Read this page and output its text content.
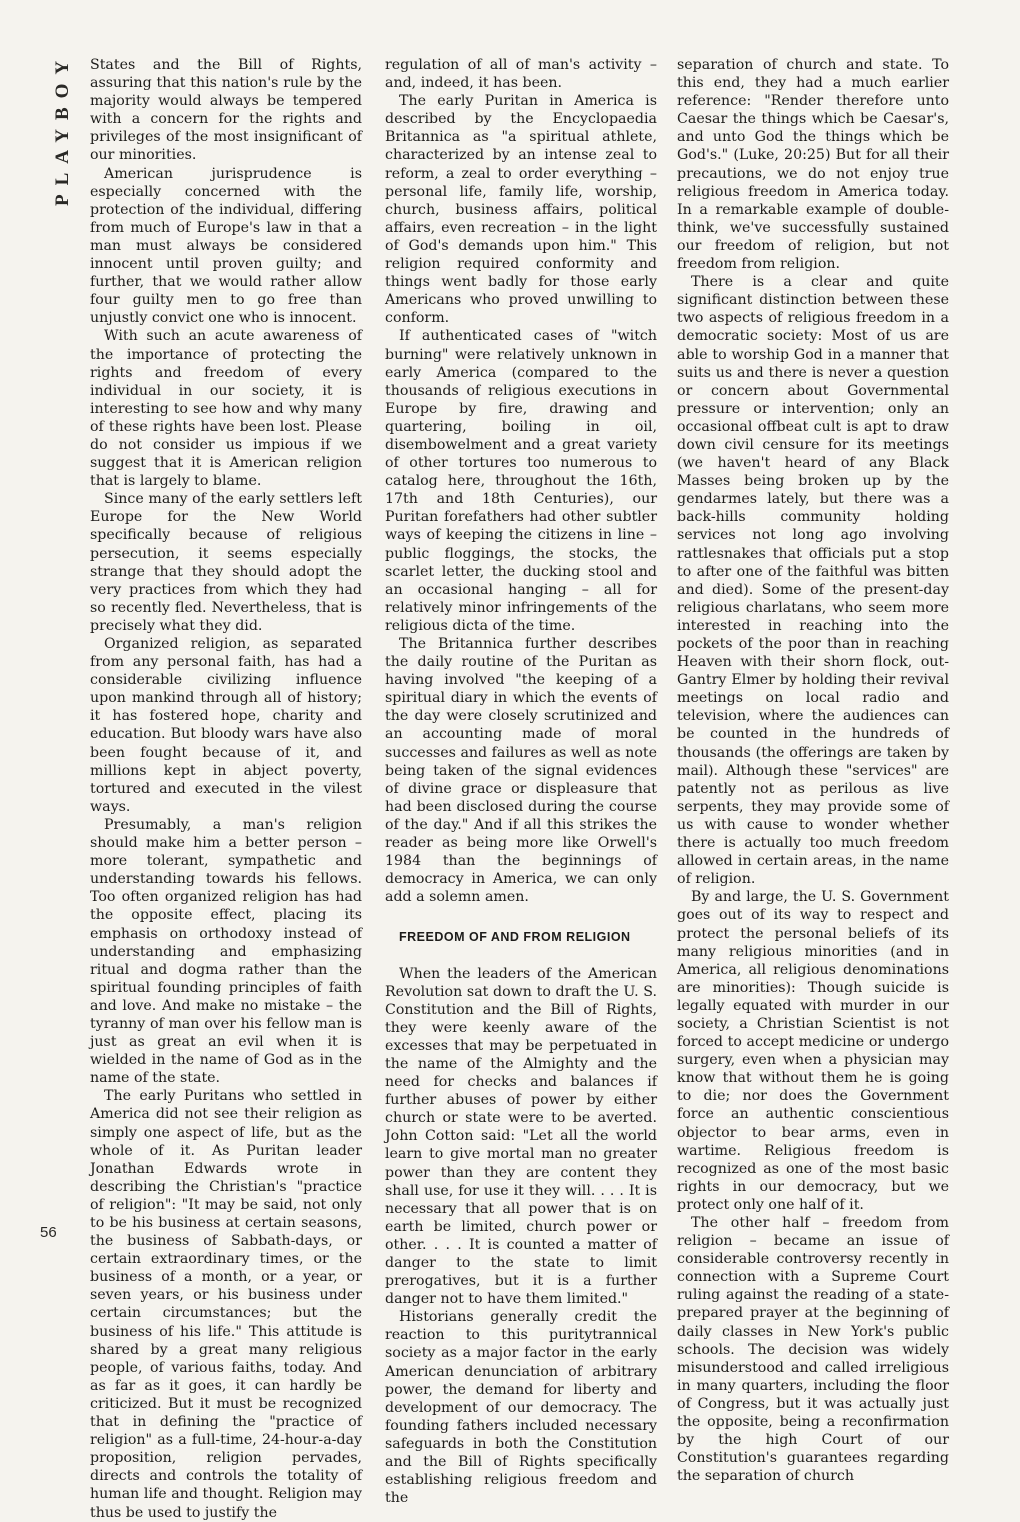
PLAYBOY
56

States and the Bill of Rights, assuring that this nation's rule by the majority would always be tempered with a concern for the rights and privileges of the most insignificant of our minorities.

American jurisprudence is especially concerned with the protection of the individual, differing from much of Europe's law in that a man must always be considered innocent until proven guilty; and further, that we would rather allow four guilty men to go free than unjustly convict one who is innocent.

With such an acute awareness of the importance of protecting the rights and freedom of every individual in our society, it is interesting to see how and why many of these rights have been lost. Please do not consider us impious if we suggest that it is American religion that is largely to blame.

Since many of the early settlers left Europe for the New World specifically because of religious persecution, it seems especially strange that they should adopt the very practices from which they had so recently fled. Nevertheless, that is precisely what they did.

Organized religion, as separated from any personal faith, has had a considerable civilizing influence upon mankind through all of history; it has fostered hope, charity and education. But bloody wars have also been fought because of it, and millions kept in abject poverty, tortured and executed in the vilest ways.

Presumably, a man's religion should make him a better person – more tolerant, sympathetic and understanding towards his fellows. Too often organized religion has had the opposite effect, placing its emphasis on orthodoxy instead of understanding and emphasizing ritual and dogma rather than the spiritual founding principles of faith and love. And make no mistake – the tyranny of man over his fellow man is just as great an evil when it is wielded in the name of God as in the name of the state.

The early Puritans who settled in America did not see their religion as simply one aspect of life, but as the whole of it. As Puritan leader Jonathan Edwards wrote in describing the Christian's "practice of religion": "It may be said, not only to be his business at certain seasons, the business of Sabbath-days, or certain extraordinary times, or the business of a month, or a year, or seven years, or his business under certain circumstances; but the business of his life." This attitude is shared by a great many religious people, of various faiths, today. And as far as it goes, it can hardly be criticized. But it must be recognized that in defining the "practice of religion" as a full-time, 24-hour-a-day proposition, religion pervades, directs and controls the totality of human life and thought. Religion may thus be used to justify the

regulation of all of man's activity – and, indeed, it has been.

The early Puritan in America is described by the Encyclopaedia Britannica as "a spiritual athlete, characterized by an intense zeal to reform, a zeal to order everything – personal life, family life, worship, church, business affairs, political affairs, even recreation – in the light of God's demands upon him." This religion required conformity and things went badly for those early Americans who proved unwilling to conform.

If authenticated cases of "witch burning" were relatively unknown in early America (compared to the thousands of religious executions in Europe by fire, drawing and quartering, boiling in oil, disembowelment and a great variety of other tortures too numerous to catalog here, throughout the 16th, 17th and 18th Centuries), our Puritan forefathers had other subtler ways of keeping the citizens in line – public floggings, the stocks, the scarlet letter, the ducking stool and an occasional hanging – all for relatively minor infringements of the religious dicta of the time.

The Britannica further describes the daily routine of the Puritan as having involved "the keeping of a spiritual diary in which the events of the day were closely scrutinized and an accounting made of moral successes and failures as well as note being taken of the signal evidences of divine grace or displeasure that had been disclosed during the course of the day." And if all this strikes the reader as being more like Orwell's 1984 than the beginnings of democracy in America, we can only add a solemn amen.

FREEDOM OF AND FROM RELIGION

When the leaders of the American Revolution sat down to draft the U. S. Constitution and the Bill of Rights, they were keenly aware of the excesses that may be perpetuated in the name of the Almighty and the need for checks and balances if further abuses of power by either church or state were to be averted. John Cotton said: "Let all the world learn to give mortal man no greater power than they are content they shall use, for use it they will. . . . It is necessary that all power that is on earth be limited, church power or other. . . . It is counted a matter of danger to the state to limit prerogatives, but it is a further danger not to have them limited."

Historians generally credit the reaction to this puritytrannical society as a major factor in the early American denunciation of arbitrary power, the demand for liberty and development of our democracy. The founding fathers included necessary safeguards in both the Constitution and the Bill of Rights specifically establishing religious freedom and the

separation of church and state. To this end, they had a much earlier reference: "Render therefore unto Caesar the things which be Caesar's, and unto God the things which be God's." (Luke, 20:25) But for all their precautions, we do not enjoy true religious freedom in America today. In a remarkable example of double-think, we've successfully sustained our freedom of religion, but not freedom from religion.

There is a clear and quite significant distinction between these two aspects of religious freedom in a democratic society: Most of us are able to worship God in a manner that suits us and there is never a question or concern about Governmental pressure or intervention; only an occasional offbeat cult is apt to draw down civil censure for its meetings (we haven't heard of any Black Masses being broken up by the gendarmes lately, but there was a back-hills community holding services not long ago involving rattlesnakes that officials put a stop to after one of the faithful was bitten and died). Some of the present-day religious charlatans, who seem more interested in reaching into the pockets of the poor than in reaching Heaven with their shorn flock, out-Gantry Elmer by holding their revival meetings on local radio and television, where the audiences can be counted in the hundreds of thousands (the offerings are taken by mail). Although these "services" are patently not as perilous as live serpents, they may provide some of us with cause to wonder whether there is actually too much freedom allowed in certain areas, in the name of religion.

By and large, the U. S. Government goes out of its way to respect and protect the personal beliefs of its many religious minorities (and in America, all religious denominations are minorities): Though suicide is legally equated with murder in our society, a Christian Scientist is not forced to accept medicine or undergo surgery, even when a physician may know that without them he is going to die; nor does the Government force an authentic conscientious objector to bear arms, even in wartime. Religious freedom is recognized as one of the most basic rights in our democracy, but we protect only one half of it.

The other half – freedom from religion – became an issue of considerable controversy recently in connection with a Supreme Court ruling against the reading of a state-prepared prayer at the beginning of daily classes in New York's public schools. The decision was widely misunderstood and called irreligious in many quarters, including the floor of Congress, but it was actually just the opposite, being a reconfirmation by the high Court of our Constitution's guarantees regarding the separation of church
